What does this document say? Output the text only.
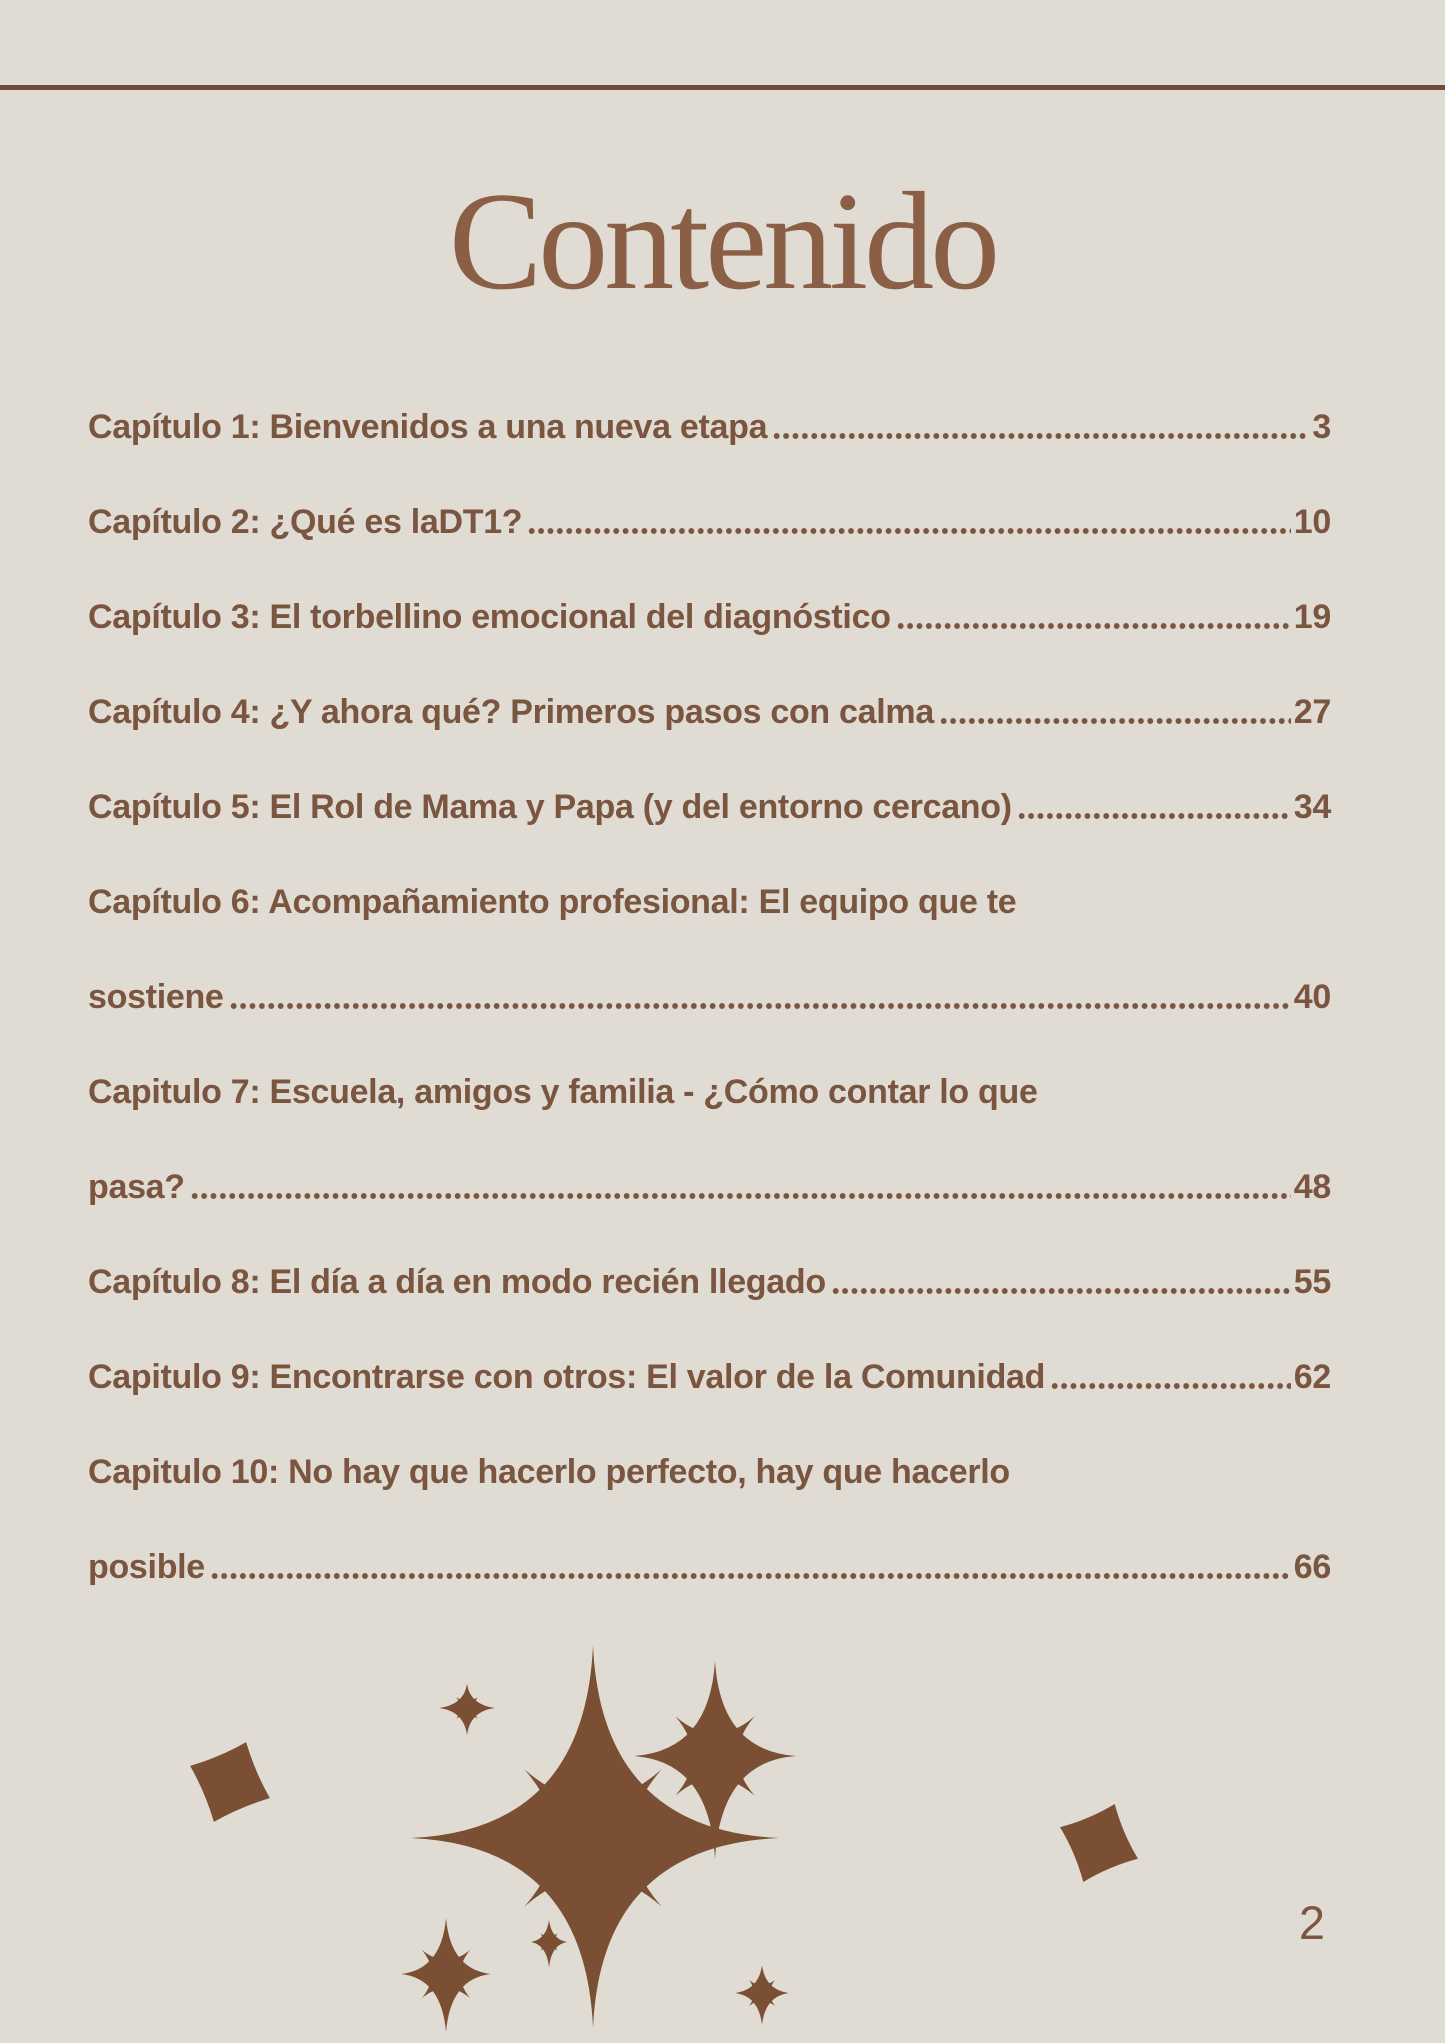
Contenido
Capítulo 1: Bienvenidos a una nueva etapa	3
Capítulo 2: ¿Qué es laDT1?	10
Capítulo 3: El torbellino emocional del diagnóstico	19
Capítulo 4: ¿Y ahora qué? Primeros pasos con calma	27
Capítulo 5: El Rol de Mama y Papa (y del entorno cercano)	34
Capítulo 6: Acompañamiento profesional: El equipo que te
sostiene	40
Capitulo 7: Escuela, amigos y familia - ¿Cómo contar lo que
pasa?	48
Capítulo 8: El día a día en modo recién llegado	55
Capitulo 9: Encontrarse con otros: El valor de la Comunidad	62
Capitulo 10: No hay que hacerlo perfecto, hay que hacerlo
posible	66
2
